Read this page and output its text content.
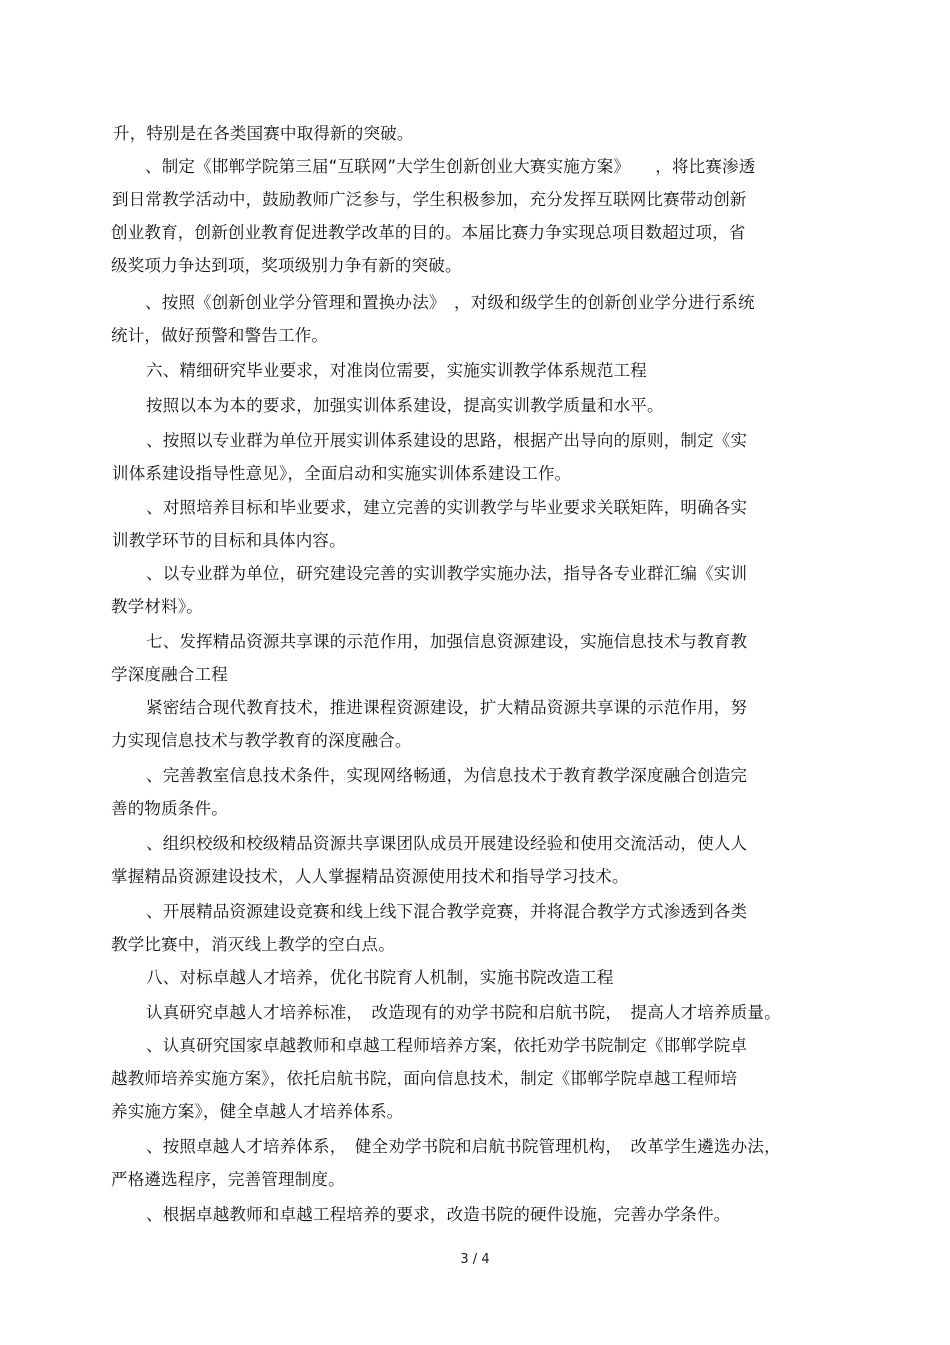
升，特别是在各类国赛中取得新的突破。
、制定《邯郸学院第三届“互联网”大学生创新创业大赛实施方案》　　，将比赛渗透
到日常教学活动中，鼓励教师广泛参与，学生积极参加，充分发挥互联网比赛带动创新
创业教育，创新创业教育促进教学改革的目的。本届比赛力争实现总项目数超过项，省
级奖项力争达到项，奖项级别力争有新的突破。
、按照《创新创业学分管理和置换办法》　，对级和级学生的创新创业学分进行系统
统计，做好预警和警告工作。
六、精细研究毕业要求，对准岗位需要，实施实训教学体系规范工程
按照以本为本的要求，加强实训体系建设，提高实训教学质量和水平。
、按照以专业群为单位开展实训体系建设的思路，根据产出导向的原则，制定《实
训体系建设指导性意见》，全面启动和实施实训体系建设工作。
、对照培养目标和毕业要求，建立完善的实训教学与毕业要求关联矩阵，明确各实
训教学环节的目标和具体内容。
、以专业群为单位，研究建设完善的实训教学实施办法，指导各专业群汇编《实训
教学材料》。
七、发挥精品资源共享课的示范作用，加强信息资源建设，实施信息技术与教育教
学深度融合工程
紧密结合现代教育技术，推进课程资源建设，扩大精品资源共享课的示范作用，努
力实现信息技术与教学教育的深度融合。
、完善教室信息技术条件，实现网络畅通，为信息技术于教育教学深度融合创造完
善的物质条件。
、组织校级和校级精品资源共享课团队成员开展建设经验和使用交流活动，使人人
掌握精品资源建设技术，人人掌握精品资源使用技术和指导学习技术。
、开展精品资源建设竞赛和线上线下混合教学竞赛，并将混合教学方式渗透到各类
教学比赛中，消灭线上教学的空白点。
八、对标卓越人才培养，优化书院育人机制，实施书院改造工程
认真研究卓越人才培养标准，　改造现有的劝学书院和启航书院，　提高人才培养质量。
、认真研究国家卓越教师和卓越工程师培养方案，依托劝学书院制定《邯郸学院卓
越教师培养实施方案》，依托启航书院，面向信息技术，制定《邯郸学院卓越工程师培
养实施方案》，健全卓越人才培养体系。
、按照卓越人才培养体系，　健全劝学书院和启航书院管理机构，　改革学生遴选办法，
严格遴选程序，完善管理制度。
、根据卓越教师和卓越工程培养的要求，改造书院的硬件设施，完善办学条件。
3 / 4
